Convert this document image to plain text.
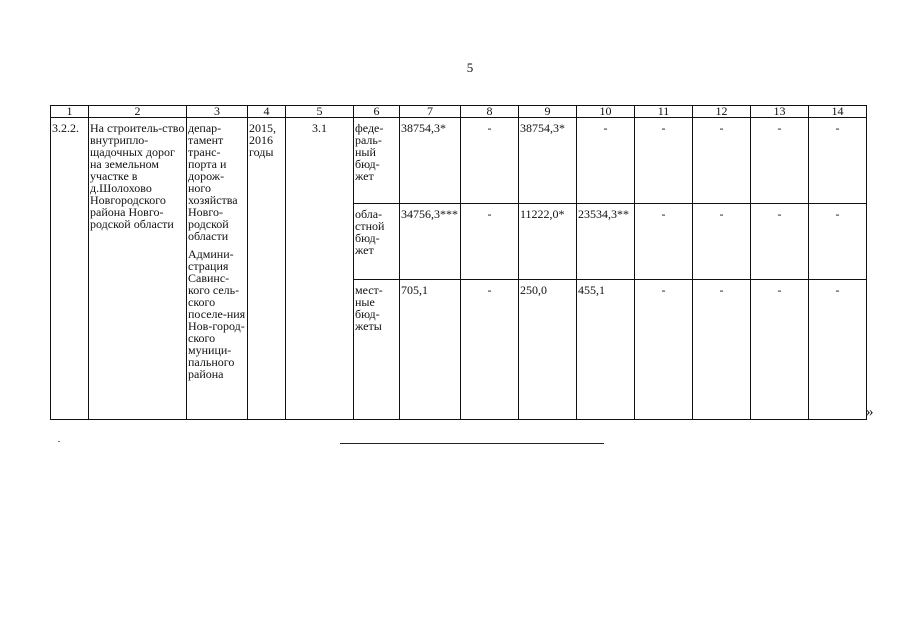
5
1	2	3	4	5	6	7	8	9	10	11	12	13	14
3.2.2.	На строитель-ство внутрипло-щадочных дорог на земельном участке в д.Шолохово Новгородского района Новго-родской области	депар-тамент транс-порта и дорож-ного хозяйства Новго-родской области
Админи-страция Савинс-кого сель-ского поселе-ния Нов-город-ского муници-пального района	2015, 2016 годы	3.1	феде-раль-ный бюд-жет	38754,3*	-	38754,3*	-	-	-	-	-
					обла-стной бюд-жет	34756,3***	-	11222,0*	23534,3**	-	-	-	-
					мест-ные бюд-жеты	705,1	-	250,0	455,1	-	-	-	-
»
